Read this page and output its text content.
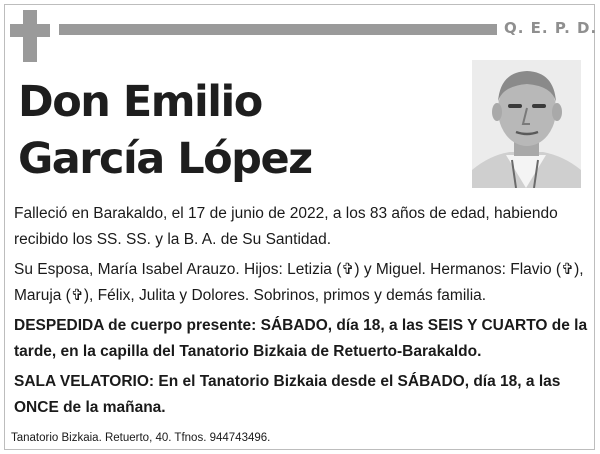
Q. E. P. D.
Don Emilio
García López

Falleció en Barakaldo, el 17 de junio de 2022, a los 83 años de edad, habiendo recibido los SS. SS. y la B. A. de Su Santidad.

Su Esposa, María Isabel Arauzo. Hijos: Letizia (✞) y Miguel. Hermanos: Flavio (✞), Maruja (✞), Félix, Julita y Dolores. Sobrinos, primos y demás familia.

DESPEDIDA de cuerpo presente: SÁBADO, día 18, a las SEIS Y CUARTO de la tarde, en la capilla del Tanatorio Bizkaia de Retuerto-Barakaldo.

SALA VELATORIO: En el Tanatorio Bizkaia desde el SÁBADO, día 18, a las ONCE de la mañana.

Tanatorio Bizkaia. Retuerto, 40. Tfnos. 944743496.
